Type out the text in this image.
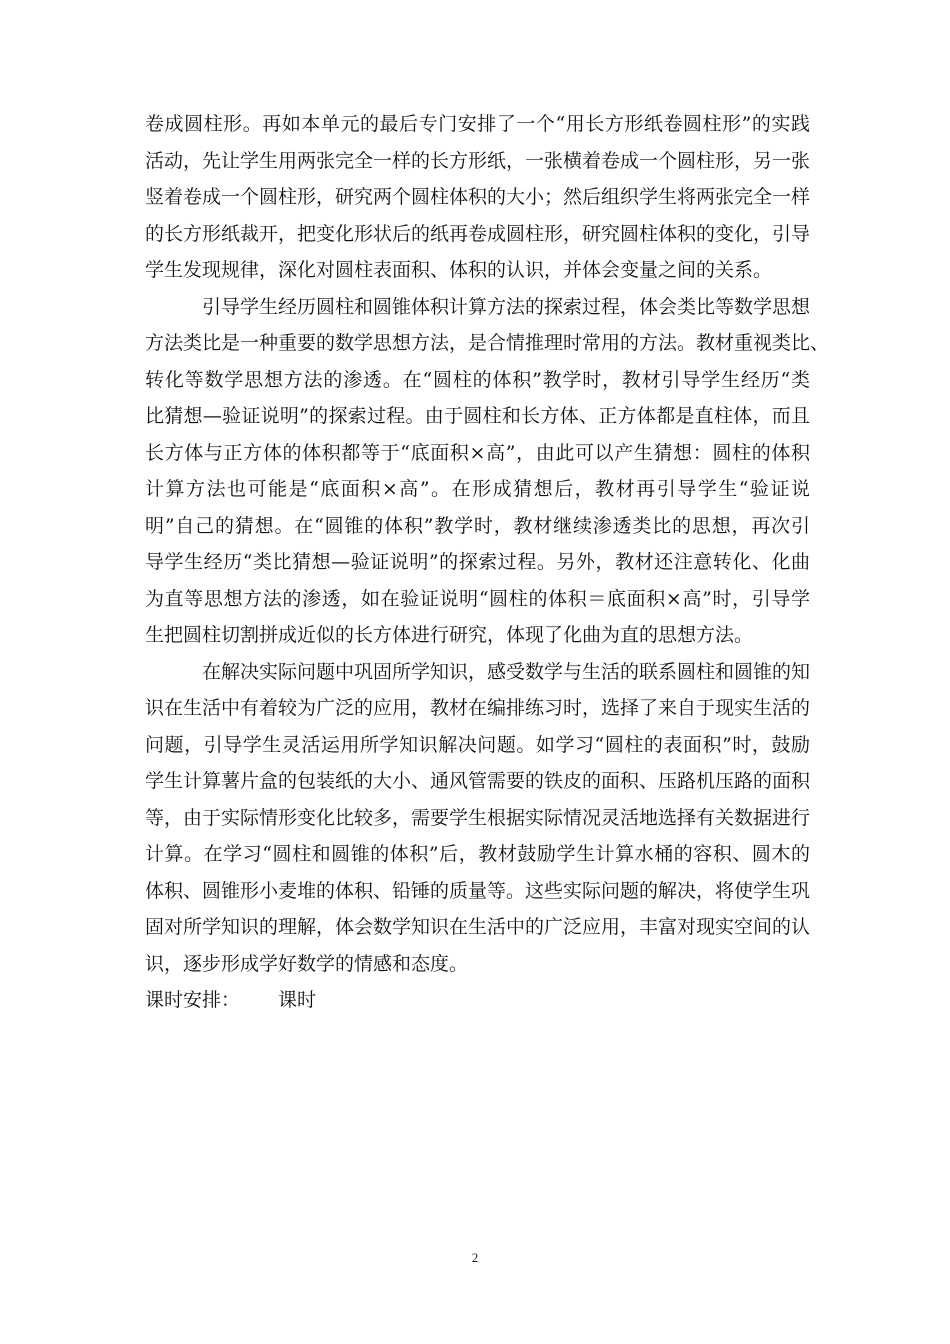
卷成圆柱形。再如本单元的最后专门安排了一个“用长方形纸卷圆柱形”的实践
活动，先让学生用两张完全一样的长方形纸，一张横着卷成一个圆柱形，另一张
竖着卷成一个圆柱形，研究两个圆柱体积的大小；然后组织学生将两张完全一样
的长方形纸裁开，把变化形状后的纸再卷成圆柱形，研究圆柱体积的变化，引导
学生发现规律，深化对圆柱表面积、体积的认识，并体会变量之间的关系。
引导学生经历圆柱和圆锥体积计算方法的探索过程，体会类比等数学思想
方法类比是一种重要的数学思想方法，是合情推理时常用的方法。教材重视类比、
转化等数学思想方法的渗透。在“圆柱的体积”教学时，教材引导学生经历“类
比猜想—验证说明”的探索过程。由于圆柱和长方体、正方体都是直柱体，而且
长方体与正方体的体积都等于“底面积×高”，由此可以产生猜想：圆柱的体积
计算方法也可能是“底面积×高”。在形成猜想后，教材再引导学生“验证说
明”自己的猜想。在“圆锥的体积”教学时，教材继续渗透类比的思想，再次引
导学生经历“类比猜想—验证说明”的探索过程。另外，教材还注意转化、化曲
为直等思想方法的渗透，如在验证说明“圆柱的体积＝底面积×高”时，引导学
生把圆柱切割拼成近似的长方体进行研究，体现了化曲为直的思想方法。
在解决实际问题中巩固所学知识，感受数学与生活的联系圆柱和圆锥的知
识在生活中有着较为广泛的应用，教材在编排练习时，选择了来自于现实生活的
问题，引导学生灵活运用所学知识解决问题。如学习“圆柱的表面积”时，鼓励
学生计算薯片盒的包装纸的大小、通风管需要的铁皮的面积、压路机压路的面积
等，由于实际情形变化比较多，需要学生根据实际情况灵活地选择有关数据进行
计算。在学习“圆柱和圆锥的体积”后，教材鼓励学生计算水桶的容积、圆木的
体积、圆锥形小麦堆的体积、铅锤的质量等。这些实际问题的解决，将使学生巩
固对所学知识的理解，体会数学知识在生活中的广泛应用，丰富对现实空间的认
识，逐步形成学好数学的情感和态度。
课时安排： 课时
2
